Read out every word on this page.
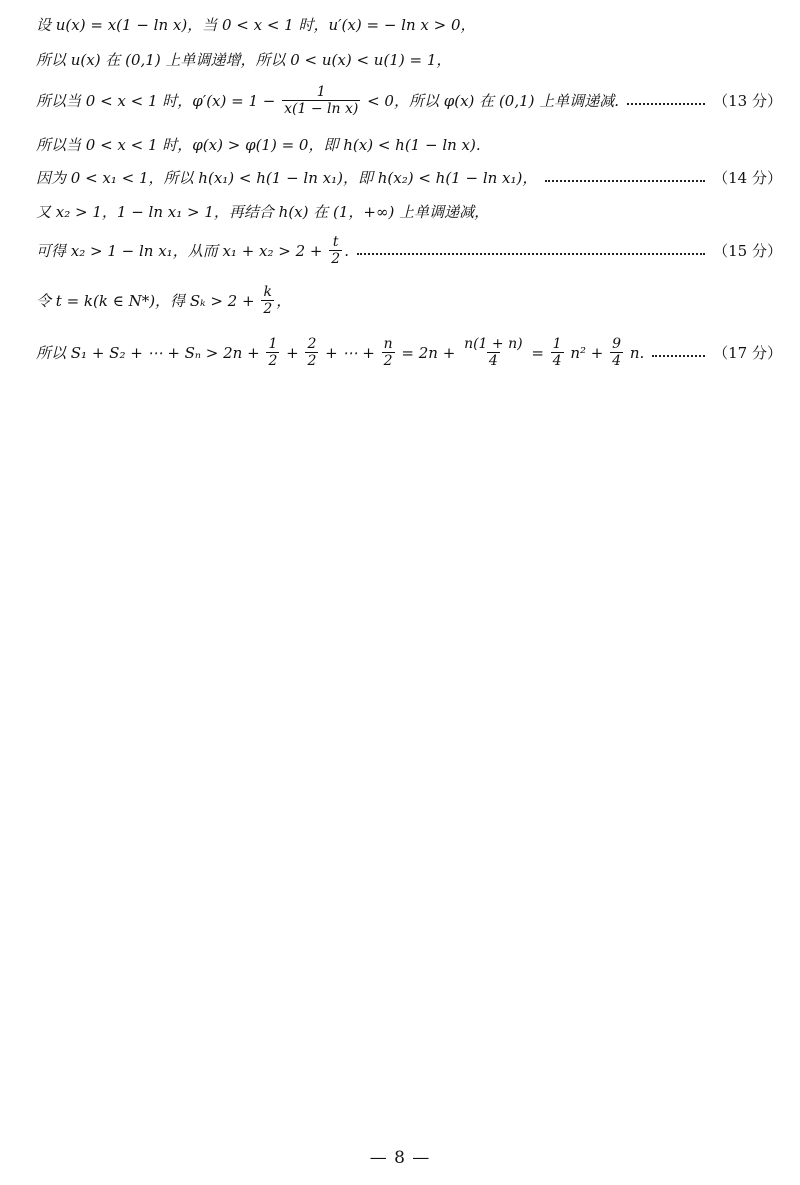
设 u(x) = x(1 − ln x)，当 0 < x < 1 时，u′(x) = − ln x > 0，
所以 u(x) 在 (0,1) 上单调递增，所以 0 < u(x) < u(1) = 1，
所以当 0 < x < 1 时，$\varphi'(x) = 1 - \frac{1}{\text{x(1 − ln x)}} < 0$，所以 φ(x) 在 (0,1) 上单调递减.	（13 分）
所以当 0 < x < 1 时，φ(x) > φ(1) = 0，即 h(x) < h(1 − ln x).
因为 0 < x₁ < 1，所以 h(x₁) < h(1 − ln x₁)，即 h(x₂) < h(1 − ln x₁)，	（14 分）
又 x₂ > 1，1 − ln x₁ > 1，再结合 h(x) 在 (1，+∞) 上单调递减，
可得 x₂ > 1 − ln x₁，从而 $x_1 + x_2 > 2 + \frac{t}{2}$ .	（15 分）
令 t = k(k ∈ N*)，得 $S_k > 2 + \frac{k}{2}$ ，
所以 S₁ + S₂ + ⋯ + $S_n > 2n + \frac{1}{2} + \frac{2}{2}$ + ⋯ + $\frac{n}{2} = 2n + \frac{n(1 + n)}{4} = \frac{1}{4} n^2 + \frac{9}{4} n$.	（17 分）
— 8 —
